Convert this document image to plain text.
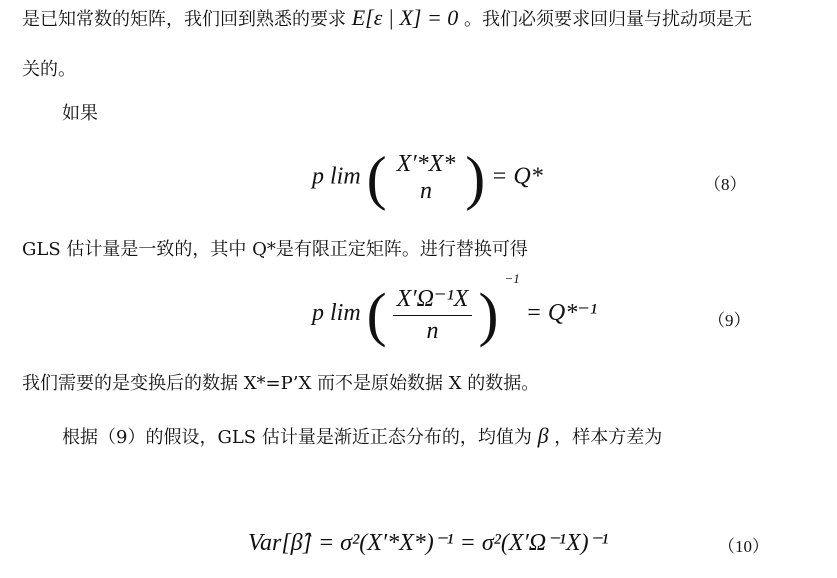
是已知常数的矩阵，我们回到熟悉的要求 E[ε | X] = 0 。我们必须要求回归量与扰动项是无
关的。
如果
p lim ( X′*X*
n ) = Q*	（8）
GLS 估计量是一致的，其中 Q*是有限正定矩阵。进行替换可得
p lim ( $\frac{\text{X′Ω⁻¹X}}{n}$ ) $^{-1}$ = Q*⁻¹	（9）
我们需要的是变换后的数据 X*=P’X 而不是原始数据 X 的数据。
根据（9）的假设，GLS 估计量是渐近正态分布的，均值为 β ，样本方差为
Var[β̂] = σ²(X′*X*)⁻¹ = σ²(X′Ω⁻¹X)⁻¹	（10）
